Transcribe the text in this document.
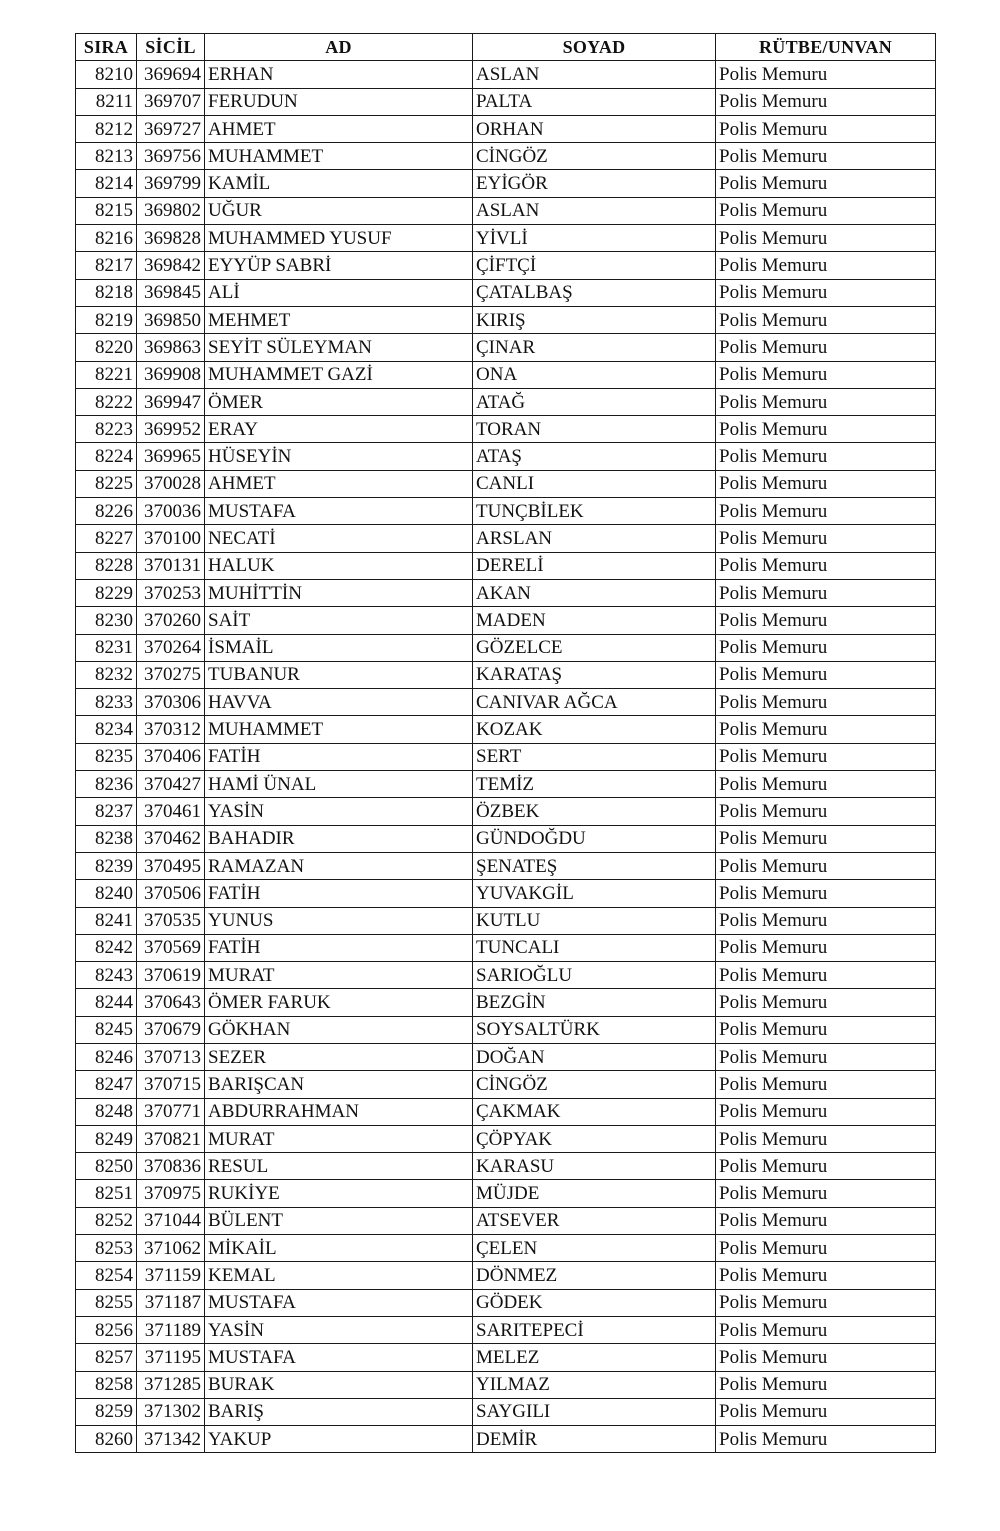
SIRA	SİCİL	AD	SOYAD	RÜTBE/UNVAN
8210	369694	ERHAN	ASLAN	Polis Memuru
8211	369707	FERUDUN	PALTA	Polis Memuru
8212	369727	AHMET	ORHAN	Polis Memuru
8213	369756	MUHAMMET	CİNGÖZ	Polis Memuru
8214	369799	KAMİL	EYİGÖR	Polis Memuru
8215	369802	UĞUR	ASLAN	Polis Memuru
8216	369828	MUHAMMED YUSUF	YİVLİ	Polis Memuru
8217	369842	EYYÜP SABRİ	ÇİFTÇİ	Polis Memuru
8218	369845	ALİ	ÇATALBAŞ	Polis Memuru
8219	369850	MEHMET	KIRIŞ	Polis Memuru
8220	369863	SEYİT SÜLEYMAN	ÇINAR	Polis Memuru
8221	369908	MUHAMMET GAZİ	ONA	Polis Memuru
8222	369947	ÖMER	ATAĞ	Polis Memuru
8223	369952	ERAY	TORAN	Polis Memuru
8224	369965	HÜSEYİN	ATAŞ	Polis Memuru
8225	370028	AHMET	CANLI	Polis Memuru
8226	370036	MUSTAFA	TUNÇBİLEK	Polis Memuru
8227	370100	NECATİ	ARSLAN	Polis Memuru
8228	370131	HALUK	DERELİ	Polis Memuru
8229	370253	MUHİTTİN	AKAN	Polis Memuru
8230	370260	SAİT	MADEN	Polis Memuru
8231	370264	İSMAİL	GÖZELCE	Polis Memuru
8232	370275	TUBANUR	KARATAŞ	Polis Memuru
8233	370306	HAVVA	CANIVAR AĞCA	Polis Memuru
8234	370312	MUHAMMET	KOZAK	Polis Memuru
8235	370406	FATİH	SERT	Polis Memuru
8236	370427	HAMİ ÜNAL	TEMİZ	Polis Memuru
8237	370461	YASİN	ÖZBEK	Polis Memuru
8238	370462	BAHADIR	GÜNDOĞDU	Polis Memuru
8239	370495	RAMAZAN	ŞENATEŞ	Polis Memuru
8240	370506	FATİH	YUVAKGİL	Polis Memuru
8241	370535	YUNUS	KUTLU	Polis Memuru
8242	370569	FATİH	TUNCALI	Polis Memuru
8243	370619	MURAT	SARIOĞLU	Polis Memuru
8244	370643	ÖMER FARUK	BEZGİN	Polis Memuru
8245	370679	GÖKHAN	SOYSALTÜRK	Polis Memuru
8246	370713	SEZER	DOĞAN	Polis Memuru
8247	370715	BARIŞCAN	CİNGÖZ	Polis Memuru
8248	370771	ABDURRAHMAN	ÇAKMAK	Polis Memuru
8249	370821	MURAT	ÇÖPYAK	Polis Memuru
8250	370836	RESUL	KARASU	Polis Memuru
8251	370975	RUKİYE	MÜJDE	Polis Memuru
8252	371044	BÜLENT	ATSEVER	Polis Memuru
8253	371062	MİKAİL	ÇELEN	Polis Memuru
8254	371159	KEMAL	DÖNMEZ	Polis Memuru
8255	371187	MUSTAFA	GÖDEK	Polis Memuru
8256	371189	YASİN	SARITEPECİ	Polis Memuru
8257	371195	MUSTAFA	MELEZ	Polis Memuru
8258	371285	BURAK	YILMAZ	Polis Memuru
8259	371302	BARIŞ	SAYGILI	Polis Memuru
8260	371342	YAKUP	DEMİR	Polis Memuru
